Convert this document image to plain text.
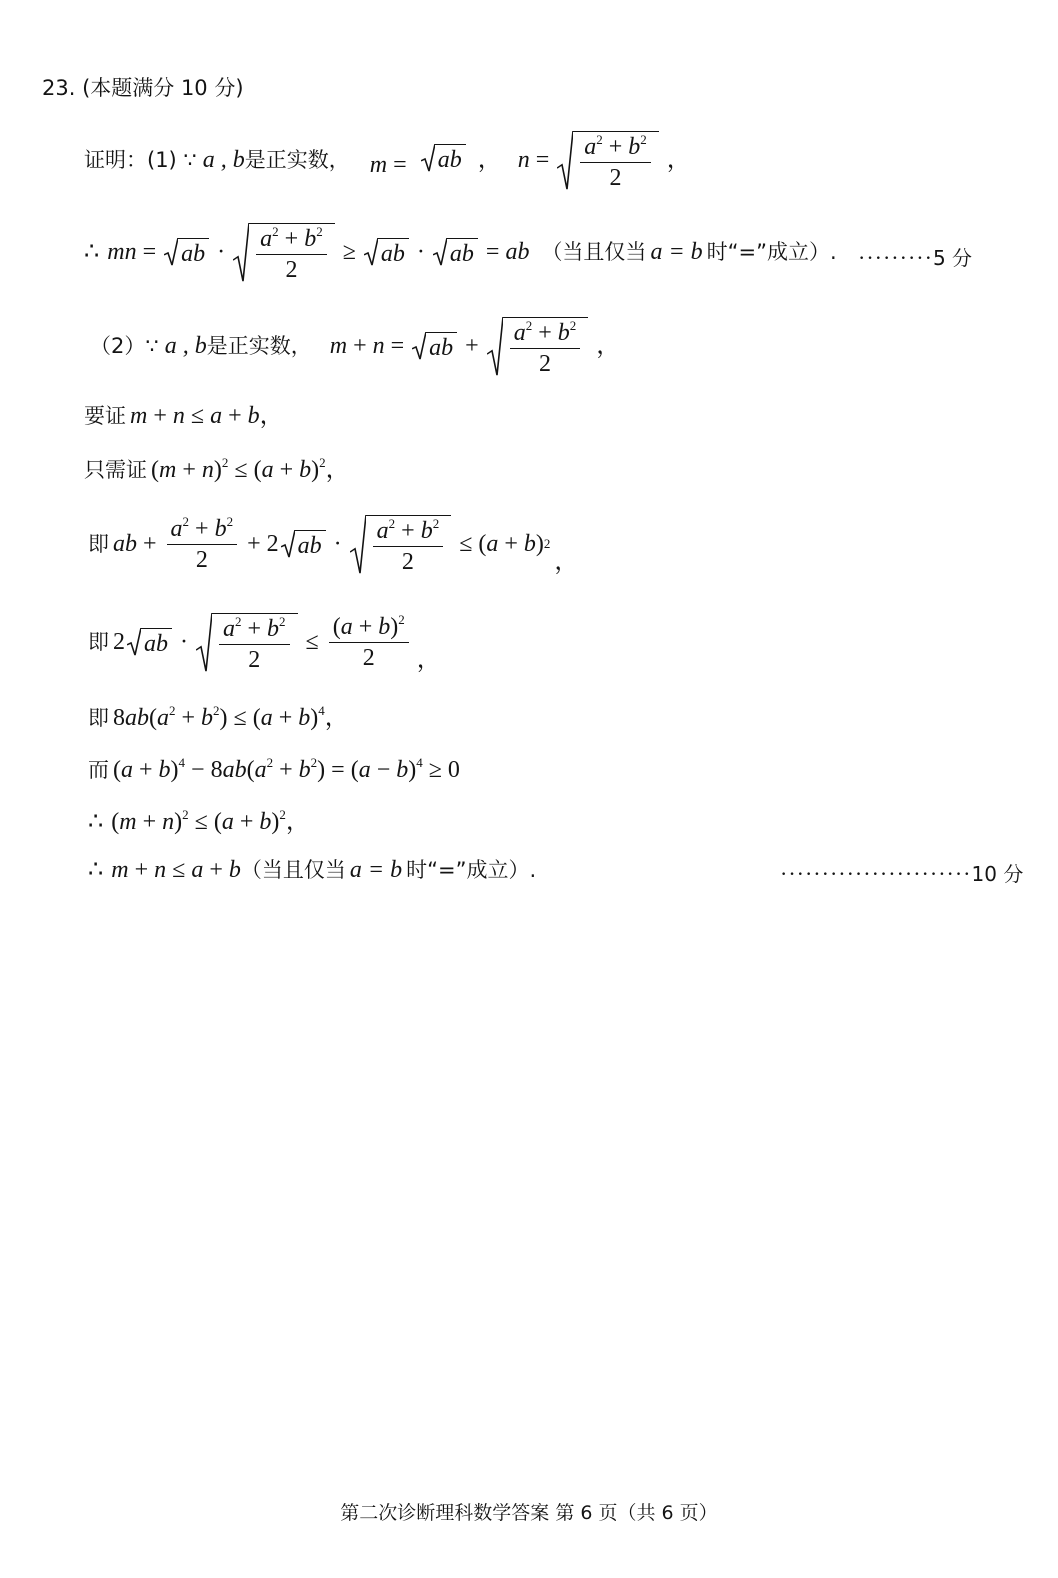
23. (本题满分 10 分)
证明：(1) ∵ a , b 是正实数， m = ab ， $n = \frac{a^2 + b^2}{2}$ ，
∴ mn = ab · $\frac{a^2 + b^2}{2}$ ≥ ab · ab = ab （当且仅当 a = b 时“=”成立）. ·········5 分
（2）∵ a , b 是正实数， m + n = ab + $\frac{a^2 + b^2}{2}$ ，
要证 m + n ≤ a + b，
只需证 $(m + n)^2 \le (a + b)^2$，
即 ab + $\frac{a^2 + b^2}{2} + 2$ ab · $\frac{a^2 + b^2}{2}$ ≤ ( a + b ) 2
，
即 2 ab · $\frac{a^2 + b^2}{2} \le \frac{(a + b)^2}{2}$ ，
即 $8ab(a^2 + b^2) \le (a + b)^4$，
而 $(a + b)^4 - 8ab(a^2 + b^2) = (a - b)^4 \ge 0$
∴ $(m + n)^2 \le (a + b)^2$，
∴ m + n ≤ a + b （当且仅当 a = b 时“=”成立）.	·······················10 分
第二次诊断理科数学答案 第 6 页（共 6 页）
